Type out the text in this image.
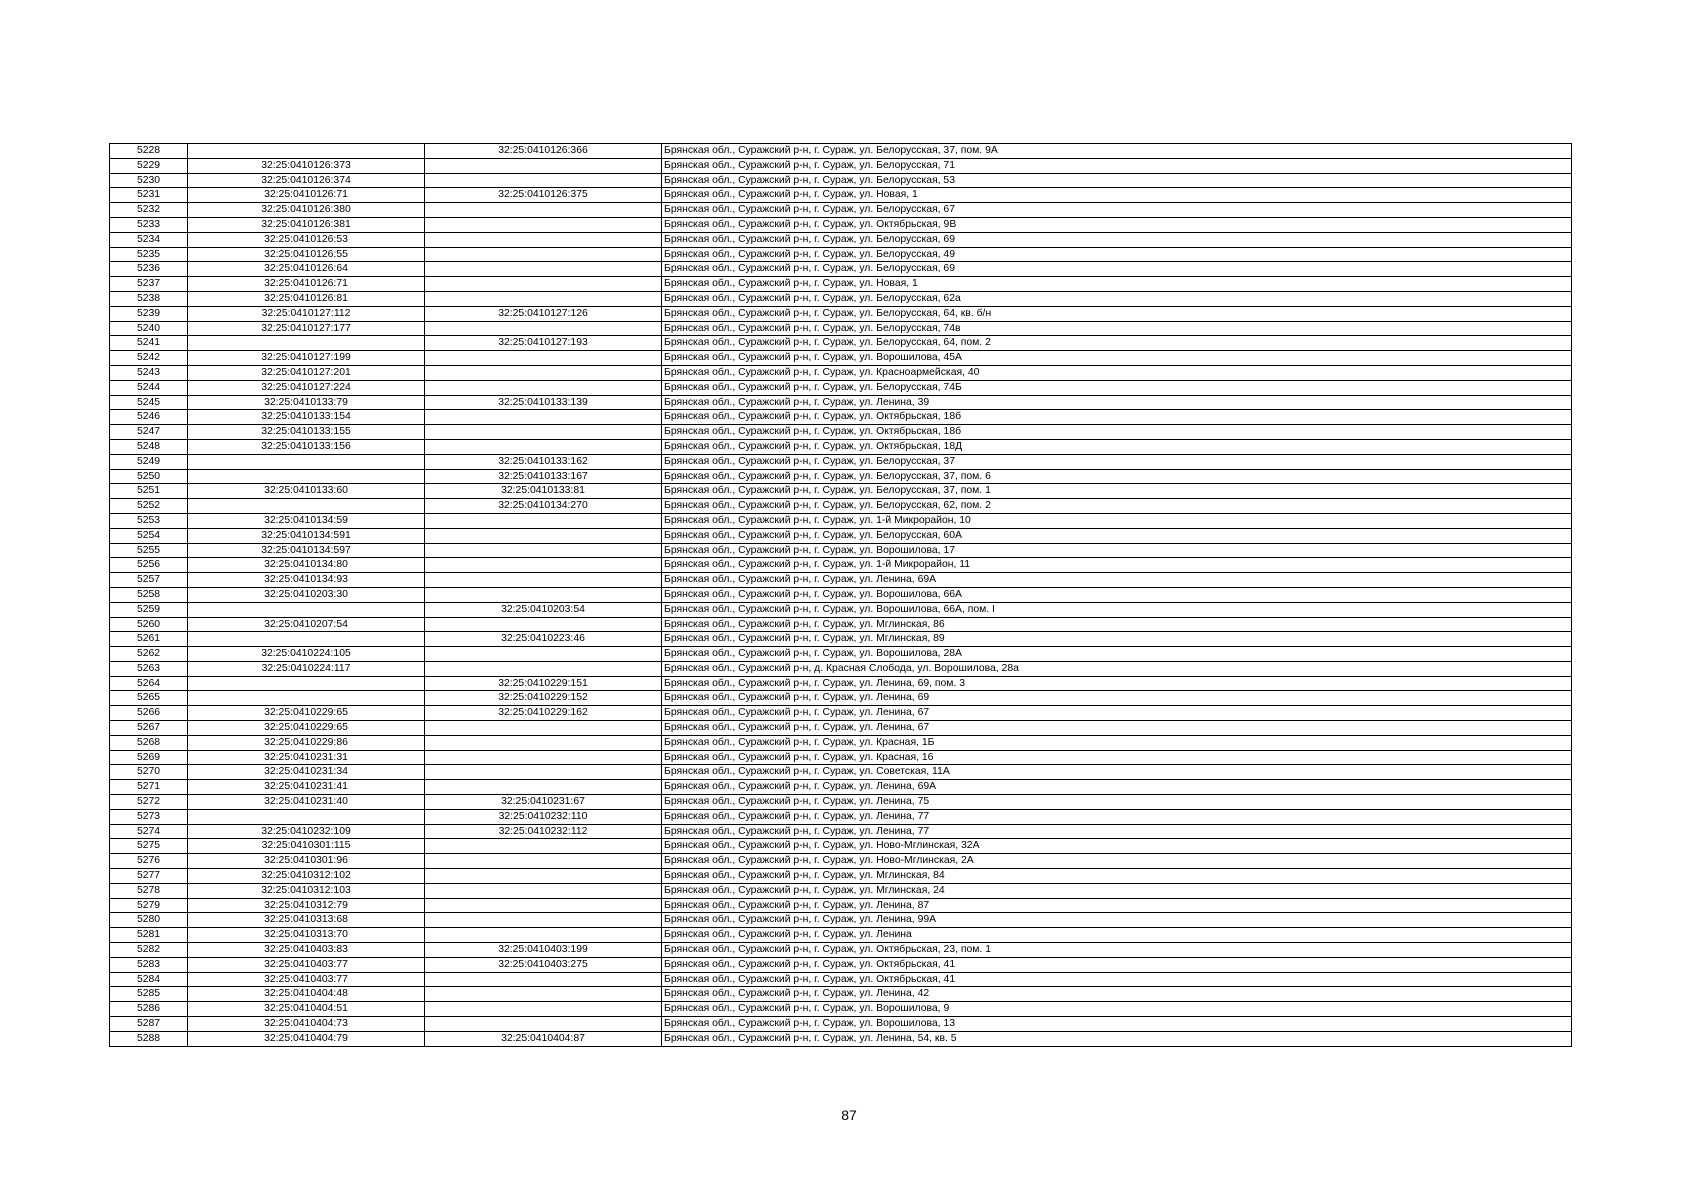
5228		32:25:0410126:366	Брянская обл., Суражский р-н, г. Сураж, ул. Белорусская, 37, пом. 9А
5229	32:25:0410126:373		Брянская обл., Суражский р-н, г. Сураж, ул. Белорусская, 71
5230	32:25:0410126:374		Брянская обл., Суражский р-н, г. Сураж, ул. Белорусская, 53
5231	32:25:0410126:71	32:25:0410126:375	Брянская обл., Суражский р-н, г. Сураж, ул. Новая, 1
5232	32:25:0410126:380		Брянская обл., Суражский р-н, г. Сураж, ул. Белорусская, 67
5233	32:25:0410126:381		Брянская обл., Суражский р-н, г. Сураж, ул. Октябрьская, 9В
5234	32:25:0410126:53		Брянская обл., Суражский р-н, г. Сураж, ул. Белорусская, 69
5235	32:25:0410126:55		Брянская обл., Суражский р-н, г. Сураж, ул. Белорусская, 49
5236	32:25:0410126:64		Брянская обл., Суражский р-н, г. Сураж, ул. Белорусская, 69
5237	32:25:0410126:71		Брянская обл., Суражский р-н, г. Сураж, ул. Новая, 1
5238	32:25:0410126:81		Брянская обл., Суражский р-н, г. Сураж, ул. Белорусская, 62а
5239	32:25:0410127:112	32:25:0410127:126	Брянская обл., Суражский р-н, г. Сураж, ул. Белорусская, 64, кв. б/н
5240	32:25:0410127:177		Брянская обл., Суражский р-н, г. Сураж, ул. Белорусская, 74в
5241		32:25:0410127:193	Брянская обл., Суражский р-н, г. Сураж, ул. Белорусская, 64, пом. 2
5242	32:25:0410127:199		Брянская обл., Суражский р-н, г. Сураж, ул. Ворошилова, 45А
5243	32:25:0410127:201		Брянская обл., Суражский р-н, г. Сураж, ул. Красноармейская, 40
5244	32:25:0410127:224		Брянская обл., Суражский р-н, г. Сураж, ул. Белорусская, 74Б
5245	32:25:0410133:79	32:25:0410133:139	Брянская обл., Суражский р-н, г. Сураж, ул. Ленина, 39
5246	32:25:0410133:154		Брянская обл., Суражский р-н, г. Сураж, ул. Октябрьская, 18б
5247	32:25:0410133:155		Брянская обл., Суражский р-н, г. Сураж, ул. Октябрьская, 18б
5248	32:25:0410133:156		Брянская обл., Суражский р-н, г. Сураж, ул. Октябрьская, 18Д
5249		32:25:0410133:162	Брянская обл., Суражский р-н, г. Сураж, ул. Белорусская, 37
5250		32:25:0410133:167	Брянская обл., Суражский р-н, г. Сураж, ул. Белорусская, 37, пом. 6
5251	32:25:0410133:60	32:25:0410133:81	Брянская обл., Суражский р-н, г. Сураж, ул. Белорусская, 37, пом. 1
5252		32:25:0410134:270	Брянская обл., Суражский р-н, г. Сураж, ул. Белорусская, 62, пом. 2
5253	32:25:0410134:59		Брянская обл., Суражский р-н, г. Сураж, ул. 1-й Микрорайон, 10
5254	32:25:0410134:591		Брянская обл., Суражский р-н, г. Сураж, ул. Белорусская, 60А
5255	32:25:0410134:597		Брянская обл., Суражский р-н, г. Сураж, ул. Ворошилова, 17
5256	32:25:0410134:80		Брянская обл., Суражский р-н, г. Сураж, ул. 1-й Микрорайон, 11
5257	32:25:0410134:93		Брянская обл., Суражский р-н, г. Сураж, ул. Ленина, 69А
5258	32:25:0410203:30		Брянская обл., Суражский р-н, г. Сураж, ул. Ворошилова, 66А
5259		32:25:0410203:54	Брянская обл., Суражский р-н, г. Сураж, ул. Ворошилова, 66А, пом. I
5260	32:25:0410207:54		Брянская обл., Суражский р-н, г. Сураж, ул. Мглинская, 86
5261		32:25:0410223:46	Брянская обл., Суражский р-н, г. Сураж, ул. Мглинская, 89
5262	32:25:0410224:105		Брянская обл., Суражский р-н, г. Сураж, ул. Ворошилова, 28А
5263	32:25:0410224:117		Брянская обл., Суражский р-н, д. Красная Слобода, ул. Ворошилова, 28а
5264		32:25:0410229:151	Брянская обл., Суражский р-н, г. Сураж, ул. Ленина, 69, пом. 3
5265		32:25:0410229:152	Брянская обл., Суражский р-н, г. Сураж, ул. Ленина, 69
5266	32:25:0410229:65	32:25:0410229:162	Брянская обл., Суражский р-н, г. Сураж, ул. Ленина, 67
5267	32:25:0410229:65		Брянская обл., Суражский р-н, г. Сураж, ул. Ленина, 67
5268	32:25:0410229:86		Брянская обл., Суражский р-н, г. Сураж, ул. Красная, 1Б
5269	32:25:0410231:31		Брянская обл., Суражский р-н, г. Сураж, ул. Красная, 16
5270	32:25:0410231:34		Брянская обл., Суражский р-н, г. Сураж, ул. Советская, 11А
5271	32:25:0410231:41		Брянская обл., Суражский р-н, г. Сураж, ул. Ленина, 69А
5272	32:25:0410231:40	32:25:0410231:67	Брянская обл., Суражский р-н, г. Сураж, ул. Ленина, 75
5273		32:25:0410232:110	Брянская обл., Суражский р-н, г. Сураж, ул. Ленина, 77
5274	32:25:0410232:109	32:25:0410232:112	Брянская обл., Суражский р-н, г. Сураж, ул. Ленина, 77
5275	32:25:0410301:115		Брянская обл., Суражский р-н, г. Сураж, ул. Ново-Мглинская, 32А
5276	32:25:0410301:96		Брянская обл., Суражский р-н, г. Сураж, ул. Ново-Мглинская, 2А
5277	32:25:0410312:102		Брянская обл., Суражский р-н, г. Сураж, ул. Мглинская, 84
5278	32:25:0410312:103		Брянская обл., Суражский р-н, г. Сураж, ул. Мглинская, 24
5279	32:25:0410312:79		Брянская обл., Суражский р-н, г. Сураж, ул. Ленина, 87
5280	32:25:0410313:68		Брянская обл., Суражский р-н, г. Сураж, ул. Ленина, 99А
5281	32:25:0410313:70		Брянская обл., Суражский р-н, г. Сураж, ул. Ленина
5282	32:25:0410403:83	32:25:0410403:199	Брянская обл., Суражский р-н, г. Сураж, ул. Октябрьская, 23, пом. 1
5283	32:25:0410403:77	32:25:0410403:275	Брянская обл., Суражский р-н, г. Сураж, ул. Октябрьская, 41
5284	32:25:0410403:77		Брянская обл., Суражский р-н, г. Сураж, ул. Октябрьская, 41
5285	32:25:0410404:48		Брянская обл., Суражский р-н, г. Сураж, ул. Ленина, 42
5286	32:25:0410404:51		Брянская обл., Суражский р-н, г. Сураж, ул. Ворошилова, 9
5287	32:25:0410404:73		Брянская обл., Суражский р-н, г. Сураж, ул. Ворошилова, 13
5288	32:25:0410404:79	32:25:0410404:87	Брянская обл., Суражский р-н, г. Сураж, ул. Ленина, 54, кв. 5
87
